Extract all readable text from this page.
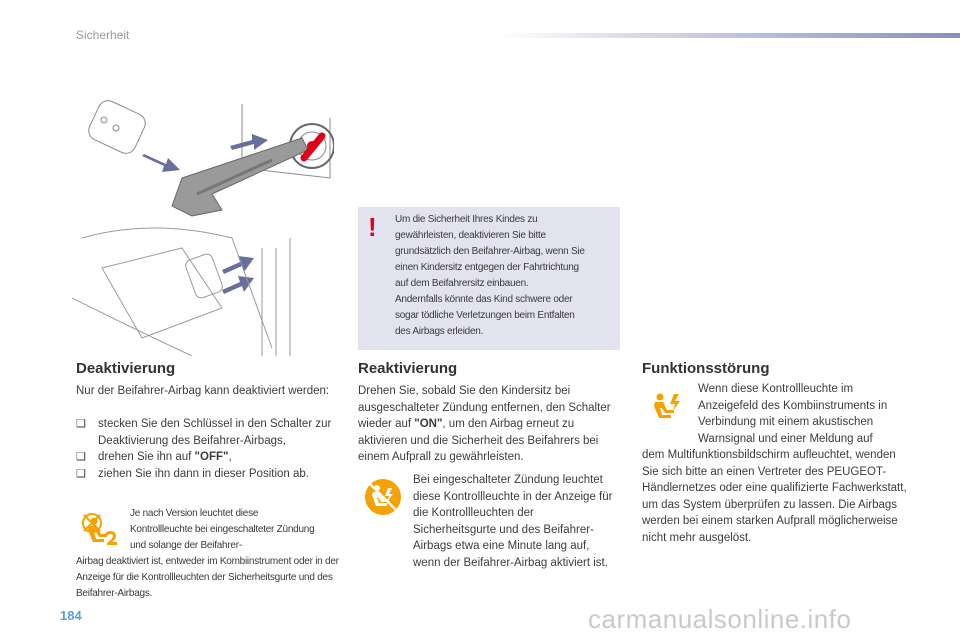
Sicherheit
! Um die Sicherheit Ihres Kindes zu
gewährleisten, deaktivieren Sie bitte
grundsätzlich den Beifahrer-Airbag, wenn Sie
einen Kindersitz entgegen der Fahrtrichtung
auf dem Beifahrersitz einbauen.
Andernfalls könnte das Kind schwere oder
sogar tödliche Verletzungen beim Entfalten
des Airbags erleiden.
Deaktivierung
Nur der Beifahrer-Airbag kann deaktiviert werden:
❑ stecken Sie den Schlüssel in den Schalter zur Deaktivierung des Beifahrer-Airbags,
❑ drehen Sie ihn auf "OFF",
❑ ziehen Sie ihn dann in dieser Position ab.
Je nach Version leuchtet diese Kontrollleuchte bei eingeschalteter Zündung und solange der Beifahrer-
Airbag deaktiviert ist, entweder im Kombiinstrument oder in der Anzeige für die Kontrollleuchten der Sicherheitsgurte und des Beifahrer-Airbags.
Reaktivierung
Drehen Sie, sobald Sie den Kindersitz bei ausgeschalteter Zündung entfernen, den Schalter wieder auf "ON", um den Airbag erneut zu aktivieren und die Sicherheit des Beifahrers bei einem Aufprall zu gewährleisten.
Bei eingeschalteter Zündung leuchtet diese Kontrollleuchte in der Anzeige für die Kontrollleuchten der Sicherheitsgurte und des Beifahrer-Airbags etwa eine Minute lang auf, wenn der Beifahrer-Airbag aktiviert ist.
Funktionsstörung
Wenn diese Kontrollleuchte im Anzeigefeld des Kombiinstruments in Verbindung mit einem akustischen Warnsignal und einer Meldung auf
dem Multifunktionsbildschirm aufleuchtet, wenden Sie sich bitte an einen Vertreter des PEUGEOT-Händlernetzes oder eine qualifizierte Fachwerkstatt, um das System überprüfen zu lassen. Die Airbags werden bei einem starken Aufprall möglicherweise nicht mehr ausgelöst.
184	carmanualsonline.info
